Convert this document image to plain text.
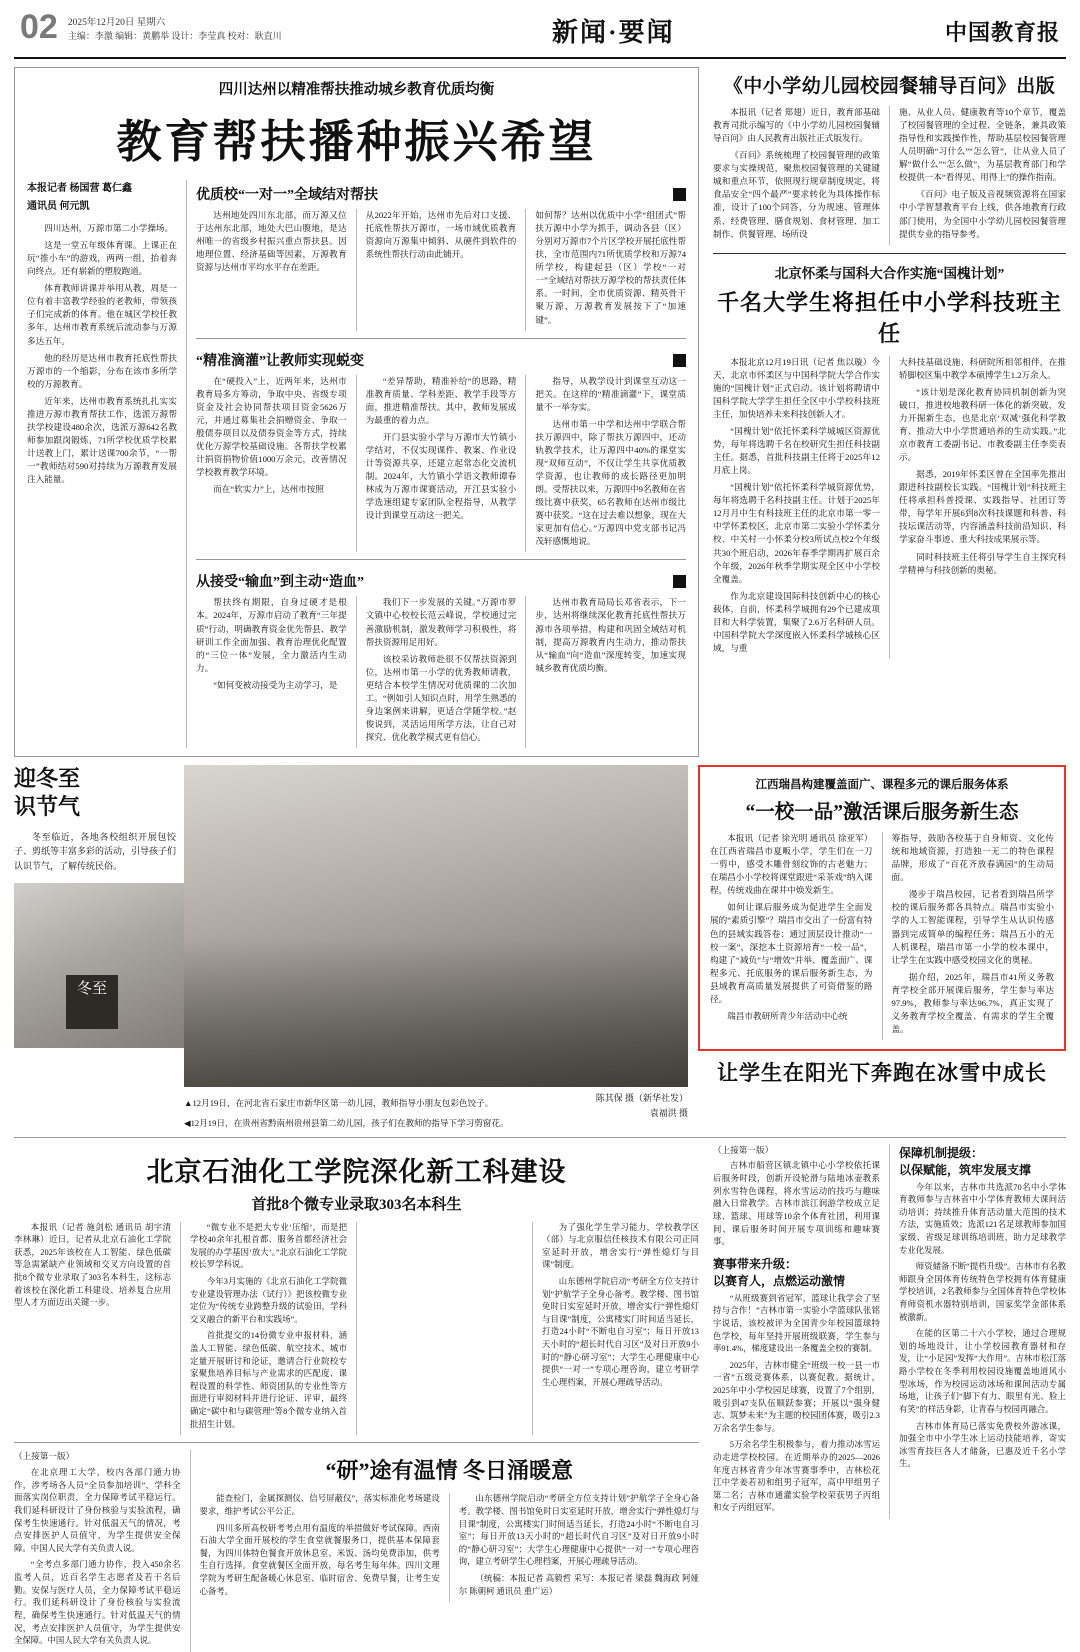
02	2025年12月20日 星期六
主编：李激 编辑：黄鹏举 设计：李莹真 校对：耿直川	新闻·要闻	中国教育报
四川达州以精准帮扶推动城乡教育优质均衡
教育帮扶播种振兴希望
本报记者 杨国营 葛仁鑫
通讯员 何元凯

四川达州，万源市第二小学操场。

这是一堂五年级体育课。上课正在玩“推小车”的游戏，两两一组，抬着奔向终点。还有崭新的塑胶跑道。

体育教师讲课并举用从教，周是一位有着丰富教学经验的老教师，带领孩子们完成新的体育。他在城区学校任教多年，达州市教育系统后流动参与万源多达五年。

他的经历是达州市教育托底性帮扶万源市的一个缩影，分布在该市多所学校的万源教育。

近年来，达州市教育系统扎扎实实推进万源市教育帮扶工作，选派万源帮扶学校建设480余次，选派万源642名教师参加跟岗锻炼，71所学校优质学校累计送教上门，累计送课700余节，“一帮一”教师结对590对持续为万源教育发展注入能量。

优质校“一对一”全域结对帮扶

达州地处四川东北部，而万源又位于达州东北部，地处大巴山腹地，是达州唯一的省级乡村振兴重点帮扶县。因地理位置、经济基础等因素，万源教育资源与达州市平均水平存在差距。

从2022年开始，达州市先后对口支援、托底性帮扶万源市，一场市域优质教育资源向万源集中倾斜、从硬件到软件的系统性帮扶行动由此铺开。

如何帮？达州以优质中小学“组团式”帮扶万源中小学为抓手，调动各县（区）分别对万源市7个片区学校开展托底性帮扶，全市范围内71所优质学校和万源74所学校，构建起县（区）学校“一对一”全域结对帮扶万源学校的帮扶责任体系。一时间，全市优质资源、精英骨干聚万源，万源教育发展按下了“加速键”。

“精准滴灌”让教师实现蜕变

在“硬投入”上，近两年来，达州市教育局多方筹动，争取中央、省级专项资金及社会协同帮扶项目资金5626万元，并通过募集社会捐赠资金、争取一般债券项目以及债券资金等方式，持续优化万源学校基础设施。各帮扶学校累计捐资捐物价值1000万余元，改善情况学校教育教学环境。

而在“软实力”上，达州市按照

“差异帮助，精准补给”的思路，精准教育质量、学科差距、教学手段等方面，推进精准帮扶。其中，教师发展成为最重的着力点。

开门县实验小学与万源市大竹镇小学结对，不仅实现课件、教案、作业设计等资源共享，还建立起常态化交流机制。2024年，大竹镇小学语文教师谭春林成为万源市课赛活动，开江县实验小学选速组建专家团队全程指导，从教学设计到课堂互动这一把关。

指导，从教学设计到课堂互动这一把关。在这样的“精准滴灌”下，课堂质量不一举夯实。

达州市第一中学和达州中学联合帮扶万源四中，除了帮扶万源四中，还动轨教学技术，让万源四中40%的课堂实现“双师互动”，不仅让学生共享优质教学资源，也让教师的成长路径更加明朗。受帮扶以来，万源四中9名教师在省级比赛中获奖，65名教师在达州市级比赛中获奖。“这在过去难以想象，现在大家更加有信心。”万源四中党支部书记冯茂轩感慨地说。

从接受“输血”到主动“造血”

帮扶终有期限，自身过硬才是根本。2024年，万源市启动了教育“三年提质”行动，明确教育资金优先帮县、教学研训工作全面加强、教育治理优化配置的“三位一体”发展，全力激活内生动力。

“如何变被动接受为主动学习，是

我们下一步发展的关键。”万源市罗文镇中心校校长范云峰说，学校通过完善激励机制，激发教师学习积极性，将帮扶资源用足用好。

该校采访教师赴很不仅帮扶资源到位，达州市第一小学的优秀教师请教，更结合本校学生情况对优质课的二次加工。“例如引人知识点时，用学生熟悉的身边案例来讲解，更适合学随学校。”赵俊说到，灵活运用所学方法，让自己对探究、优化教学模式更有信心。

达州市教育局局长邓省表示，下一步，达州将继续深化教育托底性帮扶万源市各项举措，构建和巩固全域结对机制，提高万源教育内生动力，推动帮扶从“输血”向“造血”深度转变，加速实现城乡教育优质均衡。

《中小学幼儿园校园餐辅导百问》出版

本报讯（记者 郑翅）近日，教育部基础教育司批示编写的《中小学幼儿园校园餐辅导百问》由人民教育出版社正式版发行。

《百问》系统梳理了校园餐管理的政策要求与实操规范，聚焦校园餐管理的关键键城和重点环节，依照现行规章制度规定，将食品安全“四个最严”要求转化为具体操作标准，设计了100个同答，分为规速、管理体系、经费管理、膳食规划、食材管理、加工制作、供餐管理、场所设

施、从业人员、健康教育等10个章节，覆盖了校园餐管理的全过程、全链条，兼具政策指导性和实践操作性，帮助基层校园餐管理人员明确“习什么”“怎么管”，让从业人员了解“做什么”“怎么做”，为基层教育部门和学校提供一本“看得见、用得上”的操作指南。

《百问》电子版及音视频资源将在国家中小学智慧教育平台上线，供各地教育行政部门使用，为全国中小学幼儿园校园餐管理提供专业的指导参考。

北京怀柔与国科大合作实施“国槐计划”
千名大学生将担任中小学科技班主任

本报北京12月19日讯（记者 焦以璇）今天，北京市怀柔区与中国科学院大学合作实施的“国槐计划”正式启动。该计划将聘请中国科学院大学学生担任全区中小学校科技班主任，加快培养未来科技创新人才。

“国槐计划”依托怀柔科学城城区资源优势，每年将选聘千名在校研究生担任科技副主任。据悉，首批科技副主任将于2025年12月底上岗。

“国槐计划”依托怀柔科学城资源优势，每年将选聘千名科技副主任。计划于2025年12月月中生有科技班主任的北京市第一零一中学怀柔校区，北京市第二实验小学怀柔分校、中关村一小怀柔分校3所试点校2个年级共30个班启动，2026年春季学期再扩展百余个年级，2026年秋季学期实现全区中小学校全覆盖。

作为北京建设国际科技创新中心的核心载体，自前，怀柔科学城拥有29个已建成项目和大科学装置，集聚了2.6万名科研人员。中国科学院大学深度嵌入怀柔科学城核心区域，与重

大科技基础设施、科研院所相邻相伴，在推轿脚校区集中教学本硕博学生1.2万余人。

“该计划是深化教育协同机制创新为突破口，推进校地教科研一体化的新突破，发力开掘新生态，也是北京‘双减’强化科学教育、推动大中小学贯通培养的生动实践。”北京市教育工委副书记、市教委副主任李奕表示。

据悉，2019年怀柔区曾在全国率先推出跟进科技副校长实践。“国槐计划”科技班主任将承担科普授课、实践指导、社团订等带，每学年开展6到8次科技课题和科普、科技坛课活动等，内容涵盖科技前沿知识、科学家奋斗事迹、重大科技成果展示等。

同时科技班主任将引导学生自主探究科学精神与科技创新的奥秘。

迎冬至
识节气
冬至临近，各地各校组织开展包饺子、剪纸等丰富多彩的活动，引导孩子们认识节气，了解传统民俗。
冬至
▲12月19日，在河北省石家庄市新华区第一幼儿园，教师指导小朋友包彩色饺子。
◀12月19日，在贵州省黔南州贵州县第二幼儿园，孩子们在教师的指导下学习剪窗花。
陈其保 摄（新华社发）
袁福洪 摄
江西瑞昌构建覆盖面广、课程多元的课后服务体系
“一校一品”激活课后服务新生态

本报讯（记者 徐光明 通讯员 徐亚军）在江西省瑞昌市夏畈小学，学生们在一刀一剪中，感受木雕骨刻纹饰的古老魅力；在瑞昌小小学校将课堂跟进“采茶戏”纳入课程，传统戏曲在课井中焕发新生。

如何让课后服务成为促进学生全面发展的“素质引擎”？瑞昌市交出了一份富有特色的县域实践答卷：通过顶层设计推动“一校一案”，深挖本土资源培育“一校一品”，构建了“减负”与“增效”并举、覆盖面广、课程多元、托底服务的课后服务新生态，为县域教育高质量发展提供了可资借鉴的路径。

瑞昌市教研所青少年活动中心统

筹指导，鼓励各校基于自身师资、文化传统和地域资源，打造独一无二的特色课程品牌，形成了“百花齐放春满园”的生动局面。

漫步于瑞昌校园，记者看到瑞昌所学校的课后服务都各具特点。瑞昌市实验小学的人工智能课程，引导学生从认识传感器到完成简单的编程任务；瑞昌五小的无人机课程，瑞昌市第一小学的校本课中，让学生在实践中感受校园文化的奥秘。

据介绍，2025年，瑞昌市41所义务教育学校全部开展课后服务，学生参与率达97.9%，教师参与率达96.7%，真正实现了义务教育学校全覆盖、有需求的学生全覆盖。

让学生在阳光下奔跑在冰雪中成长
北京石油化工学院深化新工科建设
首批8个微专业录取303名本科生

本报讯（记者 施剑松 通讯员 胡宇清 李林琳）近日，记者从北京石油化工学院获悉，2025年该校在人工智能、绿色低碳等急需紧缺产业领域和交叉方向设置的首批8个微专业录取了303名本科生，这标志着该校在深化新工科建设、培养复合应用型人才方面迈出关键一步。

“微专业不是把大专业‘压缩’，而是把学校40余年扎根首都、服务首都经济社会发展的办学基因‘放大’。”北京石油化工学院校长罗学科说。

今年3月实施的《北京石油化工学院微专业建设管理办法（试行）》把该校微专业定位为“传统专业跨整升级的试验田，学科交叉融合的新平台和实践场”。

首批提交的14份微专业申报材料，涵盖人工智能、绿色低碳、航空技术、城市定量开展研讨和论证，邀请合行业院校专家聚焦培养目标与产业需求的匹配度、课程设置的科学性、师资团队的专业性等方面进行审阅材料并进行论证、评审，最终确定“碳中和与碳管理”等8个微专业纳入首批招生计划。

为了强化学生学习能力，学校教学区（部）与北京服信任核技术有限公司正同室延时开放，增舍实行“弹性熄灯与目课”制度。

山东德州学院启动“考研全方位支持计划”护航学子全身心备考。教学楼、图书馆免时日实室延时开放，增舍实行“弹性熄灯与目课”制度，公寓楼实门时间适当延长，打造24小时“不断电自习室”；每日开放13天小时的“超长时代自习区”及对日开放9小时的“静心研习室”；大学生心理健康中心提供“一对一”专项心理咨询，建立考研学生心理档案，开展心理疏导活动。

（上接第一版）

在北京理工大学，校内各部门通力协作，涉考场各人员“全员参加培训”，学科全面落实岗位职责，全力保障考试平稳运行。我们延科研设计了身份核验与实验流程，确保考生快速通行。针对低温天气的情况，考点安排医护人员值守，为学生提供安全保障。中国人民大学有关负责人说。

“全考点多部门通力协作，投入450余名监考人员，近百名学生志愿者及若干名后勤。安保与医疗人员，全力保障考试平稳运行。我们延科研设计了身份核验与实验流程，确保考生快速通行。针对低温天气的情况，考点安排医护人员值守，为学生提供安全保障。中国人民大学有关负责人说。

“研”途有温情 冬日涌暖意

能查检门，金属探测仪、信号屏蔽仪”，落实标准化考场建设要求，维护考试公平公正。

四川多所高校研考考点用有温度的举措做好考试保障。西南石油大学全面开展校的学生食堂就餐服务口，提供基本保障套餐，为四川体特色餐食开放休息室、米饭、汤均免费添加，供考生自行选择。食堂就餐区全面开放，每名考生每年体。四川文理学院为考研生配备暖心休息室、临时宿舍、免费早餐，让考生安心备考。

山东德州学院启动“考研全方位支持计划”护航学子全身心备考。教学楼、图书馆免时日实室延时开放，增舍实行“弹性熄灯与目课”制度，公寓楼实门时间适当延长，打造24小时“不断电自习室”；每日开放13天小时的“超长时代自习区”及对日开放9小时的“静心研习室”；大学生心理健康中心提供“一对一”专项心理咨询，建立考研学生心理档案，开展心理疏导活动。

（统稿：本报记者 高毅哲 采写：本报记者 梁磊 魏海政 阿娅尔 陈朝柯 通讯员 重广运）

（上接第一版）

吉林市船营区镇北镇中心小学校依托课后服务时段，创新开设轮滑与陆地冰壶教系列水雪特色课程，将水雪运动的技巧与趣味融入日常教学。吉林市滨江润游学校成立足球、篮球、用球等10余个体育社团，利用课间、课后服务时间开展专项训练和趣味赛事。

赛事带来升级：
以赛育人，点燃运动激情

“从班级赛到省冠军，篮球让我学会了坚持与合作！”吉林市第一实验小学篮球队张铭宇说话，该校被评为全国青少年校园篮球特色学校，每年坚持开展班级联赛，学生参与率91.4%，梯度建设出一条覆盖全校的赛制。

2025年，吉林市健全“班级一校一县一市一省”五级竞赛体系，以赛促教。据统计，2025年中小学校园足球赛，设置了7个组别，吸引到47支队伍顺跃参赛；开展以“强身健志、筑梦未来”为主题的校园团体赛，吸引2.3万余名学生参与。

5万余名学生积极参与，着力推动冰雪运动走进学校校园。在近期举办的2025—2026年度吉林省青少年冰雪赛事季中，吉林松花江中学姜若初和组男子冠军，高中甲组男子第二名；吉林市通灌实验学校荣获男子丙组和女子丙组冠军。

保障机制提级：
以保赋能，筑牢发展支撑

今年以来，吉林市共选派70名中小学体育教师参与吉林省中小学体育教师大课间活动培训；持续推升体育活动量大范围的技术方法，实施质效；选派121名足球教师参加国家级、省级足球训练培训班，助力足球教学专业化发展。

师资储备不断“提档升级”。吉林市有名教师跟身全国体育传统特色学校拥有体育健康学校培训，2名教师参与全国体育特色学校体育师资机水器特别培训，国家奖学金部体系被激新。

在能的区第二十六小学校，通过合理规划的场地设计，让小学校园教育器材和存发，让“小足园”发挥“大作用”。吉林市松江落路小学校在冬季利用校园设施覆盖地道风小型冰场，作为校园运动冰场和课间活动专属场地，让孩子们“脚下有力、眼里有光、脸上有笑”的样活身影，让青春与校园再融合。

吉林市体育局已落实免费校外游冰课，加强全市中小学生冰上运动技能培养，寄实冰雪育技巨各人才储备，已惠及近千名小学生。
